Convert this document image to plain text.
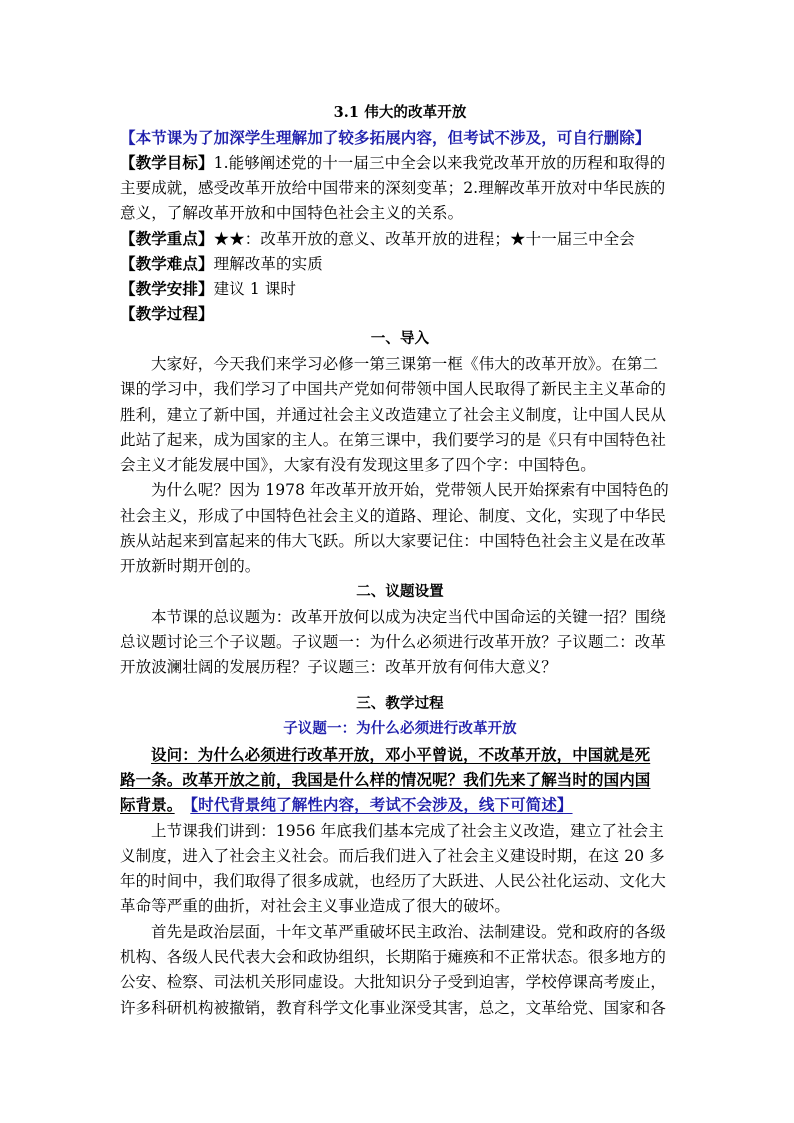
3.1 伟大的改革开放
【本节课为了加深学生理解加了较多拓展内容，但考试不涉及，可自行删除】
【教学目标】1.能够阐述党的十一届三中全会以来我党改革开放的历程和取得的
主要成就，感受改革开放给中国带来的深刻变革；2.理解改革开放对中华民族的
意义，了解改革开放和中国特色社会主义的关系。
【教学重点】★★：改革开放的意义、改革开放的进程；★十一届三中全会
【教学难点】理解改革的实质
【教学安排】建议 1 课时
【教学过程】
一、导入
大家好，今天我们来学习必修一第三课第一框《伟大的改革开放》。在第二
课的学习中，我们学习了中国共产党如何带领中国人民取得了新民主主义革命的
胜利，建立了新中国，并通过社会主义改造建立了社会主义制度，让中国人民从
此站了起来，成为国家的主人。在第三课中，我们要学习的是《只有中国特色社
会主义才能发展中国》，大家有没有发现这里多了四个字：中国特色。
为什么呢？因为 1978 年改革开放开始，党带领人民开始探索有中国特色的
社会主义，形成了中国特色社会主义的道路、理论、制度、文化，实现了中华民
族从站起来到富起来的伟大飞跃。所以大家要记住：中国特色社会主义是在改革
开放新时期开创的。
二、议题设置
本节课的总议题为：改革开放何以成为决定当代中国命运的关键一招？围绕
总议题讨论三个子议题。子议题一：为什么必须进行改革开放？子议题二：改革
开放波澜壮阔的发展历程？子议题三：改革开放有何伟大意义？
三、教学过程
子议题一：为什么必须进行改革开放
设问：为什么必须进行改革开放，邓小平曾说，不改革开放，中国就是死
路一条。改革开放之前，我国是什么样的情况呢？我们先来了解当时的国内国
际背景。　 【时代背景纯了解性内容，考试不会涉及，线下可简述】
上节课我们讲到：1956 年底我们基本完成了社会主义改造，建立了社会主
义制度，进入了社会主义社会。而后我们进入了社会主义建设时期，在这 20 多
年的时间中，我们取得了很多成就，也经历了大跃进、人民公社化运动、文化大
革命等严重的曲折，对社会主义事业造成了很大的破坏。
首先是政治层面，十年文革严重破坏民主政治、法制建设。党和政府的各级
机构、各级人民代表大会和政协组织，长期陷于瘫痪和不正常状态。很多地方的
公安、检察、司法机关形同虚设。大批知识分子受到迫害，学校停课高考废止，
许多科研机构被撤销，教育科学文化事业深受其害，总之，文革给党、国家和各
